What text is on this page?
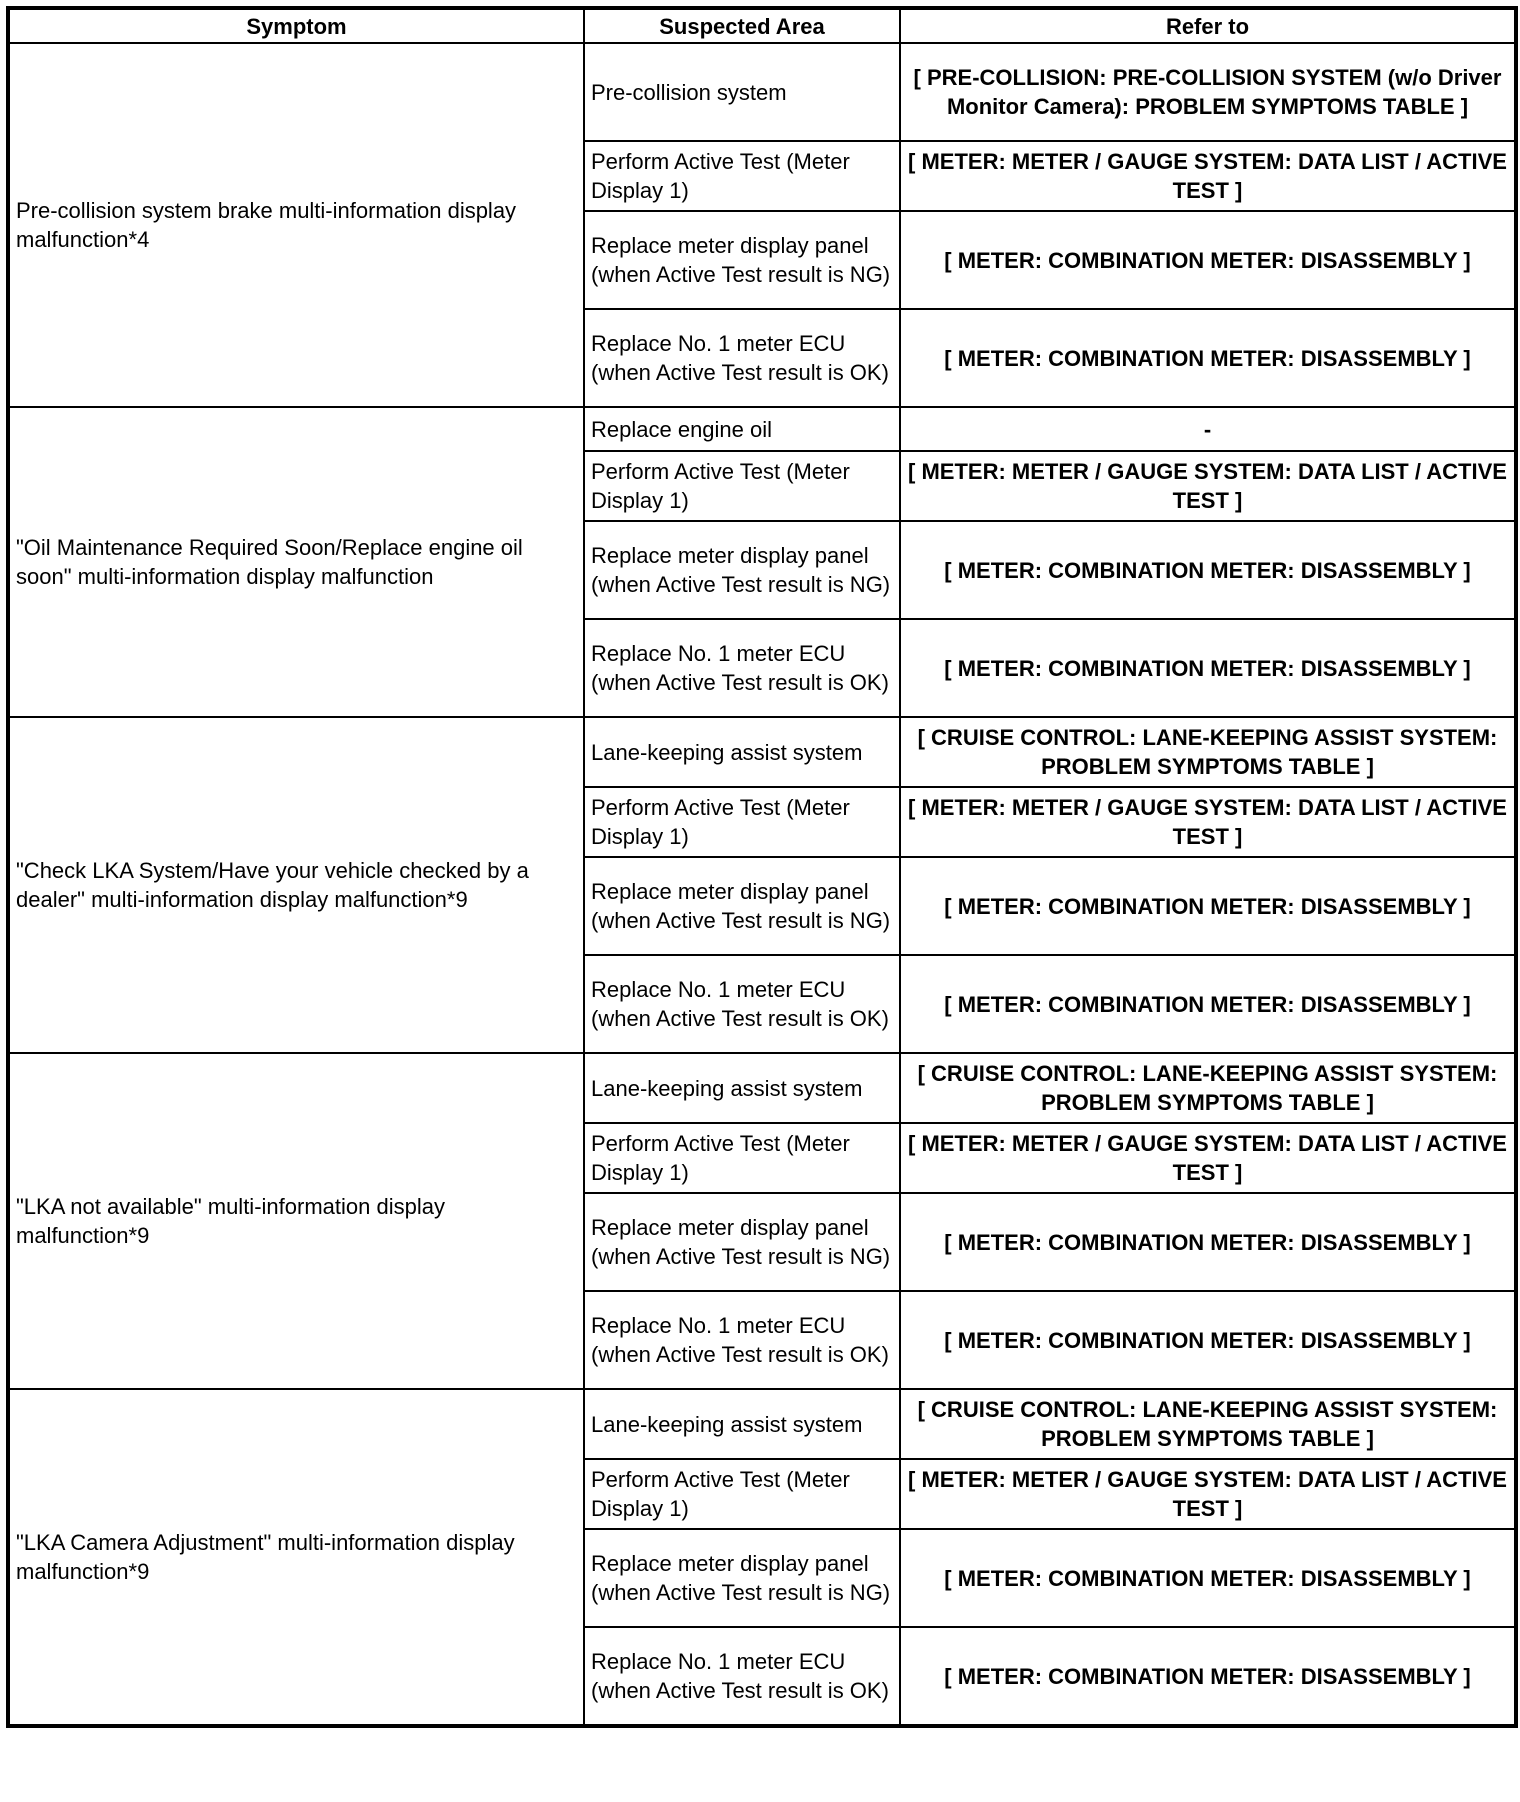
Symptom	Suspected Area	Refer to
Pre-collision system brake multi-information display malfunction*4	Pre-collision system	[ PRE-COLLISION: PRE-COLLISION SYSTEM (w/o Driver Monitor Camera): PROBLEM SYMPTOMS TABLE ]
	Perform Active Test (Meter Display 1)	[ METER: METER / GAUGE SYSTEM: DATA LIST / ACTIVE TEST ]
	Replace meter display panel (when Active Test result is NG)	[ METER: COMBINATION METER: DISASSEMBLY ]
	Replace No. 1 meter ECU (when Active Test result is OK)	[ METER: COMBINATION METER: DISASSEMBLY ]
"Oil Maintenance Required Soon/Replace engine oil soon" multi-information display malfunction	Replace engine oil	-
	Perform Active Test (Meter Display 1)	[ METER: METER / GAUGE SYSTEM: DATA LIST / ACTIVE TEST ]
	Replace meter display panel (when Active Test result is NG)	[ METER: COMBINATION METER: DISASSEMBLY ]
	Replace No. 1 meter ECU (when Active Test result is OK)	[ METER: COMBINATION METER: DISASSEMBLY ]
"Check LKA System/Have your vehicle checked by a dealer" multi-information display malfunction*9	Lane-keeping assist system	[ CRUISE CONTROL: LANE-KEEPING ASSIST SYSTEM: PROBLEM SYMPTOMS TABLE ]
	Perform Active Test (Meter Display 1)	[ METER: METER / GAUGE SYSTEM: DATA LIST / ACTIVE TEST ]
	Replace meter display panel (when Active Test result is NG)	[ METER: COMBINATION METER: DISASSEMBLY ]
	Replace No. 1 meter ECU (when Active Test result is OK)	[ METER: COMBINATION METER: DISASSEMBLY ]
"LKA not available" multi-information display malfunction*9	Lane-keeping assist system	[ CRUISE CONTROL: LANE-KEEPING ASSIST SYSTEM: PROBLEM SYMPTOMS TABLE ]
	Perform Active Test (Meter Display 1)	[ METER: METER / GAUGE SYSTEM: DATA LIST / ACTIVE TEST ]
	Replace meter display panel (when Active Test result is NG)	[ METER: COMBINATION METER: DISASSEMBLY ]
	Replace No. 1 meter ECU (when Active Test result is OK)	[ METER: COMBINATION METER: DISASSEMBLY ]
"LKA Camera Adjustment" multi-information display malfunction*9	Lane-keeping assist system	[ CRUISE CONTROL: LANE-KEEPING ASSIST SYSTEM: PROBLEM SYMPTOMS TABLE ]
	Perform Active Test (Meter Display 1)	[ METER: METER / GAUGE SYSTEM: DATA LIST / ACTIVE TEST ]
	Replace meter display panel (when Active Test result is NG)	[ METER: COMBINATION METER: DISASSEMBLY ]
	Replace No. 1 meter ECU (when Active Test result is OK)	[ METER: COMBINATION METER: DISASSEMBLY ]
